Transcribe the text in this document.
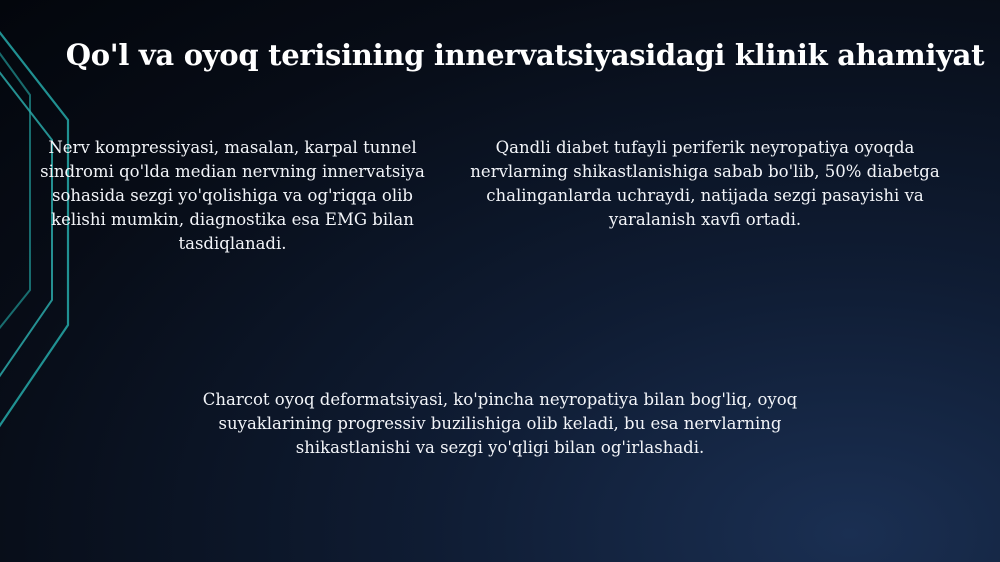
Qo'l va oyoq terisining innervatsiyasidagi klinik ahamiyat

Nerv kompressiyasi, masalan, karpal tunnel sindromi qo'lda median nervning innervatsiya sohasida sezgi yo'qolishiga va og'riqqa olib kelishi mumkin, diagnostika esa EMG bilan tasdiqlanadi.

Qandli diabet tufayli periferik neyropatiya oyoqda nervlarning shikastlanishiga sabab bo'lib, 50% diabetga chalinganlarda uchraydi, natijada sezgi pasayishi va yaralanish xavfi ortadi.

Charcot oyoq deformatsiyasi, ko'pincha neyropatiya bilan bog'liq, oyoq suyaklarining progressiv buzilishiga olib keladi, bu esa nervlarning shikastlanishi va sezgi yo'qligi bilan og'irlashadi.
